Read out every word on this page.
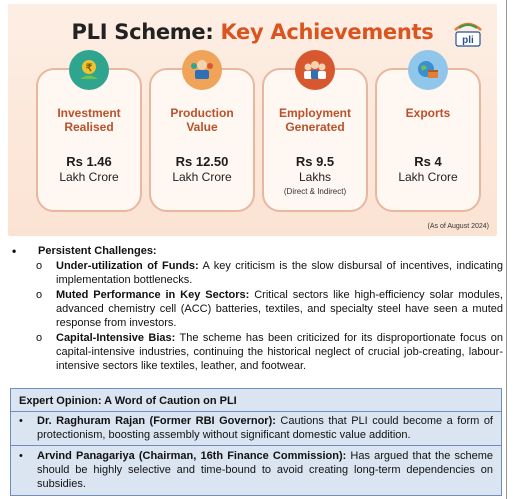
PLI Scheme: Key Achievements	pli
₹
Investment
Realised
Rs 1.46
Lakh Crore
Production
Value
Rs 12.50
Lakh Crore
Employment
Generated
Rs 9.5
Lakhs
(Direct & Indirect)
Exports
Rs 4
Lakh Crore
(As of August 2024)
• Persistent Challenges:
o Under-utilization of Funds: A key criticism is the slow disbursal of incentives, indicating implementation bottlenecks.
o Muted Performance in Key Sectors: Critical sectors like high-efficiency solar modules, advanced chemistry cell (ACC) batteries, textiles, and specialty steel have seen a muted response from investors.
o Capital-Intensive Bias: The scheme has been criticized for its disproportionate focus on capital-intensive industries, continuing the historical neglect of crucial job-creating, labour-intensive sectors like textiles, leather, and footwear.
Expert Opinion: A Word of Caution on PLI
• Dr. Raghuram Rajan (Former RBI Governor): Cautions that PLI could become a form of protectionism, boosting assembly without significant domestic value addition.
• Arvind Panagariya (Chairman, 16th Finance Commission): Has argued that the scheme should be highly selective and time-bound to avoid creating long-term dependencies on subsidies.
